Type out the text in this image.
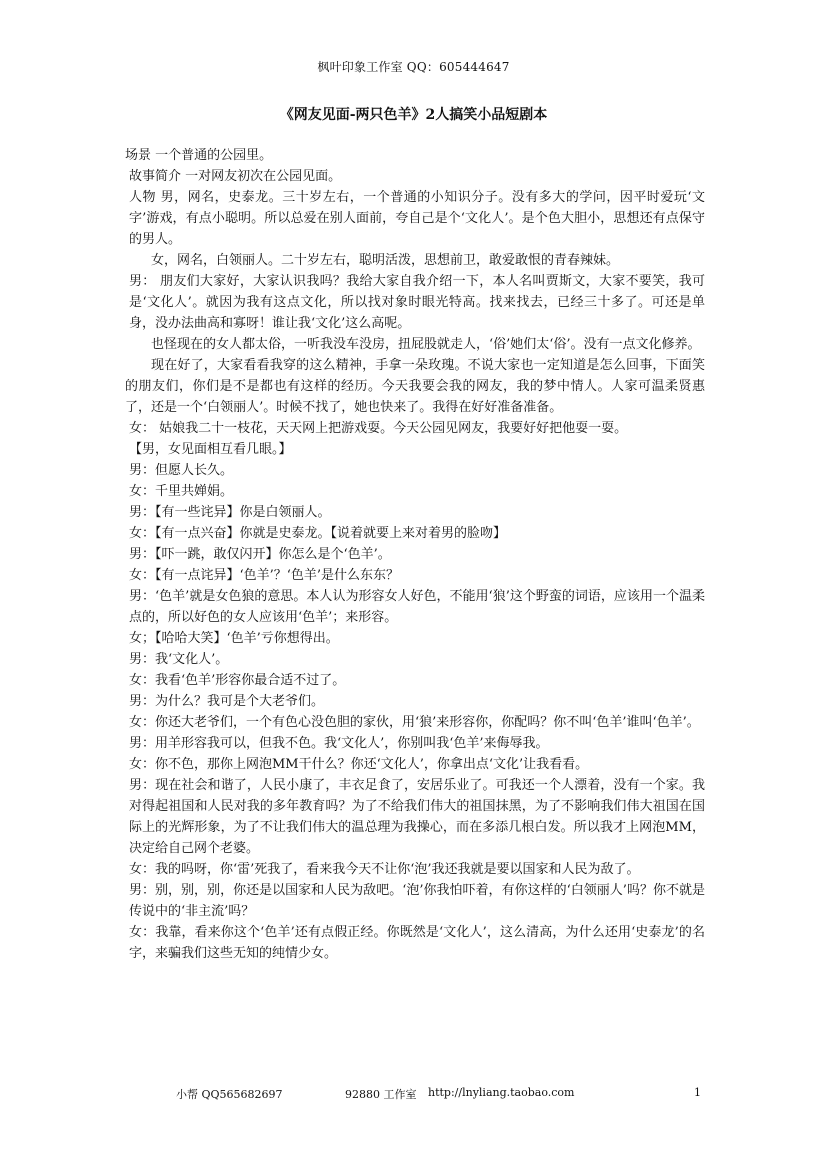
枫叶印象工作室 QQ：605444647
《网友见面-两只色羊》2人搞笑小品短剧本

场景 一个普通的公园里。

故事简介 一对网友初次在公园见面。

人物 男，网名，史泰龙。三十岁左右，一个普通的小知识分子。没有多大的学问，因平时爱玩‘文字’游戏，有点小聪明。所以总爱在别人面前，夸自己是个‘文化人’。是个色大胆小，思想还有点保守的男人。

女，网名，白领丽人。二十岁左右，聪明活泼，思想前卫，敢爱敢恨的青春辣妹。

男： 朋友们大家好，大家认识我吗？我给大家自我介绍一下，本人名叫贾斯文，大家不要笑，我可是‘文化人’。就因为我有这点文化，所以找对象时眼光特高。找来找去，已经三十多了。可还是单身，没办法曲高和寡呀！谁让我‘文化’这么高呢。

也怪现在的女人都太俗，一听我没车没房，扭屁股就走人，‘俗’她们太‘俗’。没有一点文化修养。

现在好了，大家看看我穿的这么精神，手拿一朵玫瑰。不说大家也一定知道是怎么回事，下面笑的朋友们，你们是不是都也有这样的经历。今天我要会我的网友，我的梦中情人。人家可温柔贤惠了，还是一个‘白领丽人’。时候不找了，她也快来了。我得在好好准备准备。

女： 姑娘我二十一枝花，天天网上把游戏耍。今天公园见网友，我要好好把他耍一耍。

【男，女见面相互看几眼。】

男：但愿人长久。

女：千里共婵娟。

男：【有一些诧异】你是白领丽人。

女：【有一点兴奋】你就是史泰龙。【说着就要上来对着男的脸吻】

男：【吓一跳，敢仅闪开】你怎么是个‘色羊’。

女：【有一点诧异】‘色羊’？‘色羊’是什么东东？

男：‘色羊’就是女色狼的意思。本人认为形容女人好色，不能用‘狼’这个野蛮的词语，应该用一个温柔点的，所以好色的女人应该用‘色羊’；来形容。

女；【哈哈大笑】‘色羊’亏你想得出。

男：我‘文化人’。

女：我看‘色羊’形容你最合适不过了。

男：为什么？我可是个大老爷们。

女：你还大老爷们，一个有色心没色胆的家伙，用‘狼’来形容你，你配吗？你不叫‘色羊’谁叫‘色羊’。

男：用羊形容我可以，但我不色。我‘文化人’，你别叫我‘色羊’来侮辱我。

女：你不色，那你上网泡MM干什么？你还‘文化人’，你拿出点‘文化’让我看看。

男：现在社会和谐了，人民小康了，丰衣足食了，安居乐业了。可我还一个人漂着，没有一个家。我对得起祖国和人民对我的多年教育吗？为了不给我们伟大的祖国抹黑，为了不影响我们伟大祖国在国际上的光辉形象，为了不让我们伟大的温总理为我操心，而在多添几根白发。所以我才上网泡MM，决定给自己网个老婆。

女：我的吗呀，你‘雷’死我了，看来我今天不让你‘泡’我还我就是要以国家和人民为敌了。

男：别，别，别，你还是以国家和人民为敌吧。‘泡’你我怕吓着，有你这样的‘白领丽人’吗？你不就是传说中的‘非主流’吗？

女：我靠，看来你这个‘色羊’还有点假正经。你既然是‘文化人’，这么清高，为什么还用‘史泰龙’的名字，来骗我们这些无知的纯情少女。

小帮 QQ565682697	92880 工作室 http://lnyliang.taobao.com	1
